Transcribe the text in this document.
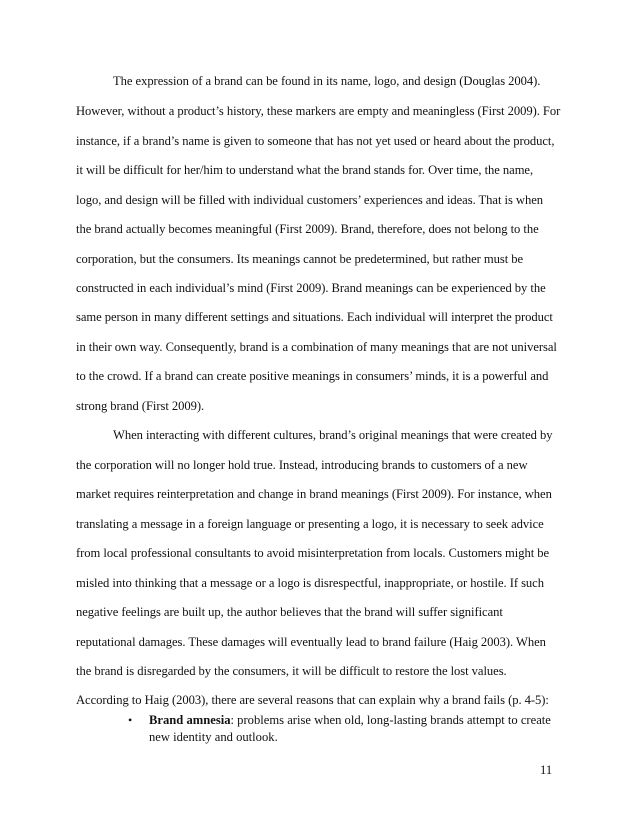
The expression of a brand can be found in its name, logo, and design (Douglas 2004).
However, without a product’s history, these markers are empty and meaningless (First 2009). For
instance, if a brand’s name is given to someone that has not yet used or heard about the product,
it will be difficult for her/him to understand what the brand stands for. Over time, the name,
logo, and design will be filled with individual customers’ experiences and ideas. That is when
the brand actually becomes meaningful (First 2009). Brand, therefore, does not belong to the
corporation, but the consumers. Its meanings cannot be predetermined, but rather must be
constructed in each individual’s mind (First 2009). Brand meanings can be experienced by the
same person in many different settings and situations. Each individual will interpret the product
in their own way. Consequently, brand is a combination of many meanings that are not universal
to the crowd. If a brand can create positive meanings in consumers’ minds, it is a powerful and
strong brand (First 2009).
When interacting with different cultures, brand’s original meanings that were created by
the corporation will no longer hold true. Instead, introducing brands to customers of a new
market requires reinterpretation and change in brand meanings (First 2009). For instance, when
translating a message in a foreign language or presenting a logo, it is necessary to seek advice
from local professional consultants to avoid misinterpretation from locals. Customers might be
misled into thinking that a message or a logo is disrespectful, inappropriate, or hostile. If such
negative feelings are built up, the author believes that the brand will suffer significant
reputational damages. These damages will eventually lead to brand failure (Haig 2003). When
the brand is disregarded by the consumers, it will be difficult to restore the lost values.
According to Haig (2003), there are several reasons that can explain why a brand fails (p. 4-5):
• Brand amnesia: problems arise when old, long-lasting brands attempt to create new identity and outlook.
11
